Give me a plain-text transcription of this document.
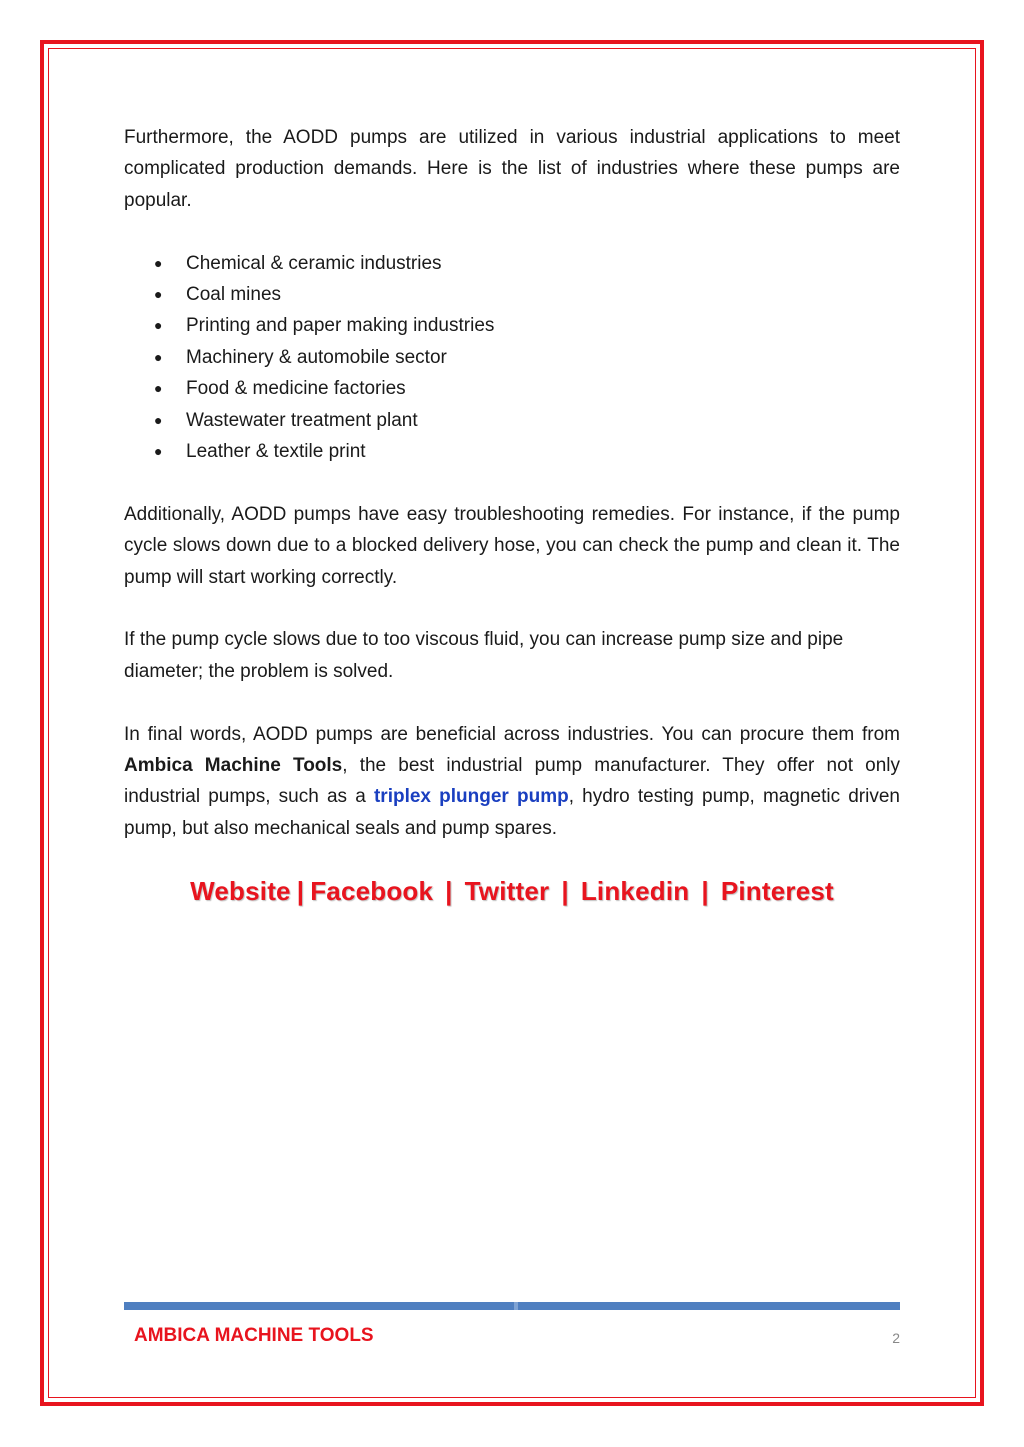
Furthermore, the AODD pumps are utilized in various industrial applications to meet complicated production demands. Here is the list of industries where these pumps are popular.

● Chemical & ceramic industries
● Coal mines
● Printing and paper making industries
● Machinery & automobile sector
● Food & medicine factories
● Wastewater treatment plant
● Leather & textile print

Additionally, AODD pumps have easy troubleshooting remedies. For instance, if the pump cycle slows down due to a blocked delivery hose, you can check the pump and clean it. The pump will start working correctly.

If the pump cycle slows due to too viscous fluid, you can increase pump size and pipe diameter; the problem is solved.

In final words, AODD pumps are beneficial across industries. You can procure them from Ambica Machine Tools, the best industrial pump manufacturer. They offer not only industrial pumps, such as a triplex plunger pump, hydro testing pump, magnetic driven pump, but also mechanical seals and pump spares.

Website | Facebook | Twitter | Linkedin | Pinterest
AMBICA MACHINE TOOLS	2
